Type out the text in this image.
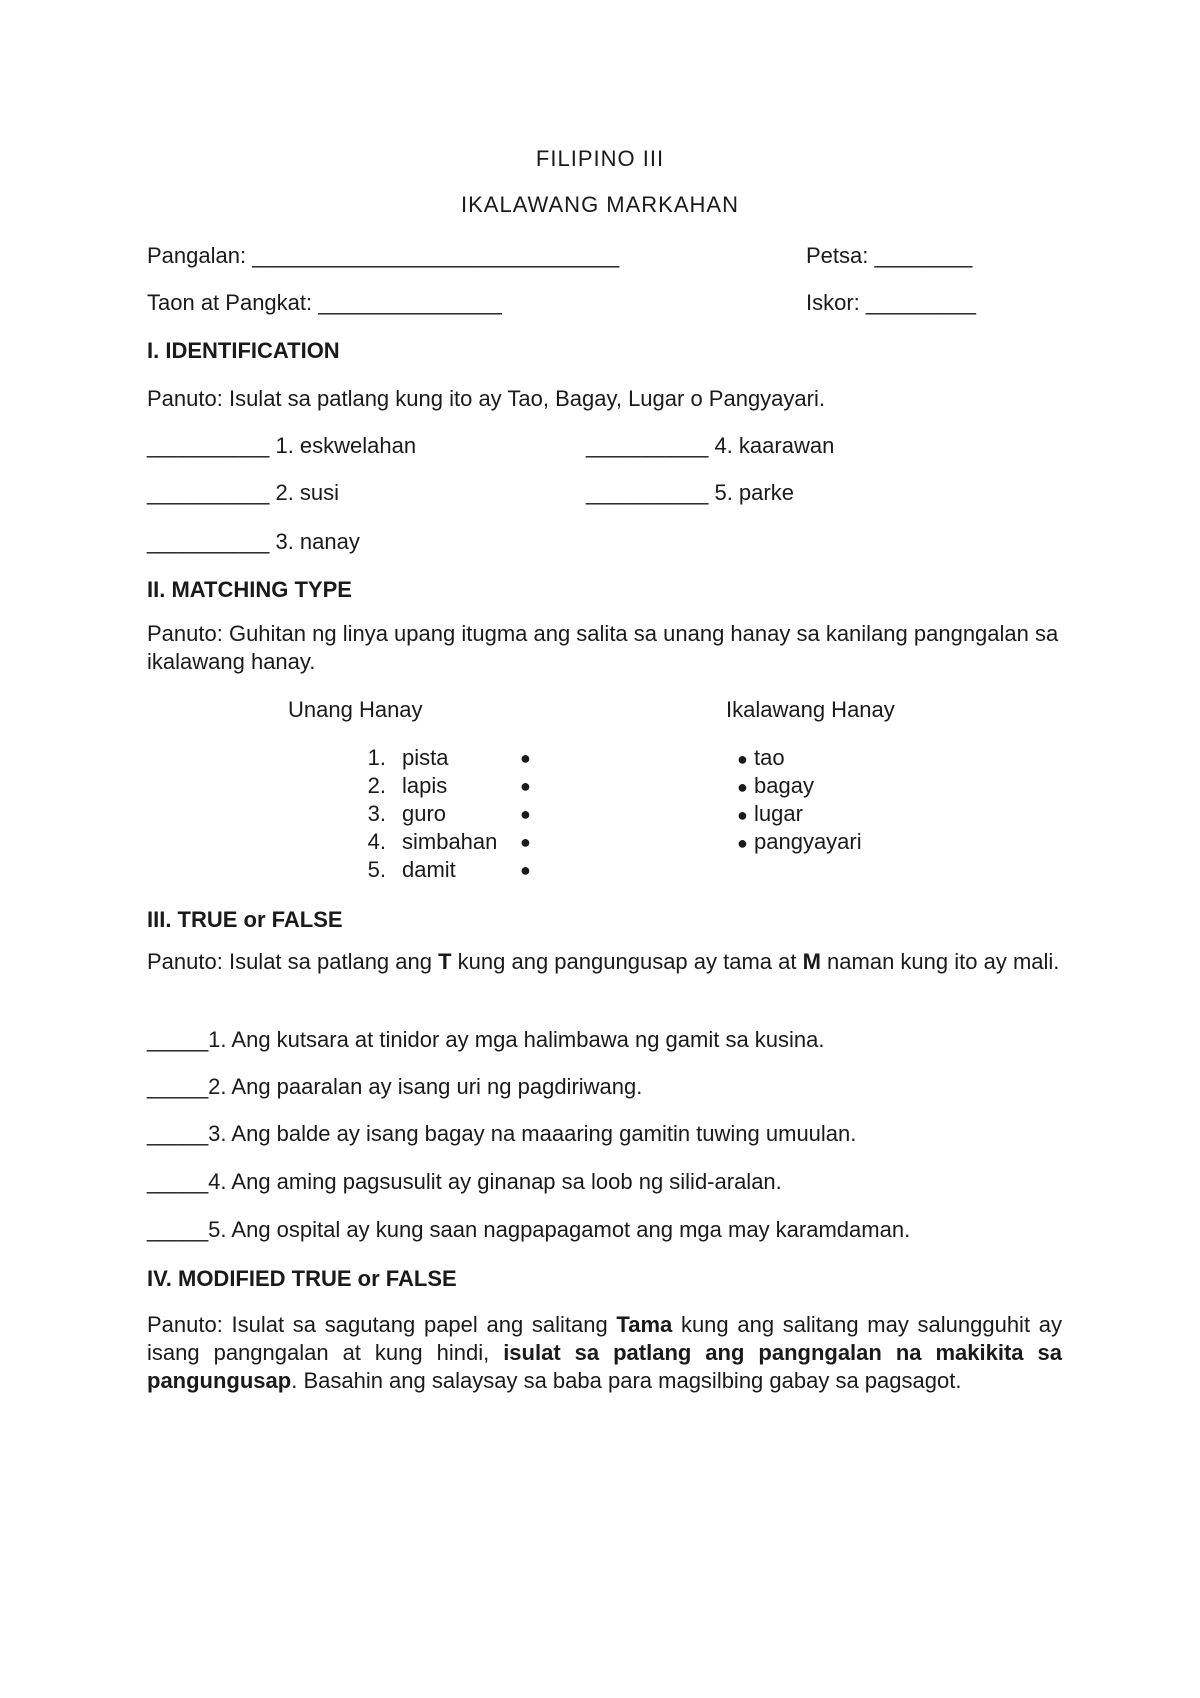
FILIPINO III
IKALAWANG MARKAHAN
Pangalan: ______________________________	Petsa: ________
Taon at Pangkat: _______________	Iskor: _________
I. IDENTIFICATION
Panuto: Isulat sa patlang kung ito ay Tao, Bagay, Lugar o Pangyayari.
__________ 1. eskwelahan
__________ 2. susi
__________ 3. nanay
__________ 4. kaarawan
__________ 5. parke
II. MATCHING TYPE
Panuto: Guhitan ng linya upang itugma ang salita sa unang hanay sa kanilang pangngalan sa ikalawang hanay.
Unang Hanay	Ikalawang Hanay
1. pista	●
2. lapis	●
3. guro	●
4. simbahan ●
5. damit	●
● tao
● bagay
● lugar
● pangyayari
III. TRUE or FALSE
Panuto: Isulat sa patlang ang T kung ang pangungusap ay tama at M naman kung ito ay mali.
_____1. Ang kutsara at tinidor ay mga halimbawa ng gamit sa kusina.
_____2. Ang paaralan ay isang uri ng pagdiriwang.
_____3. Ang balde ay isang bagay na maaaring gamitin tuwing umuulan.
_____4. Ang aming pagsusulit ay ginanap sa loob ng silid-aralan.
_____5. Ang ospital ay kung saan nagpapagamot ang mga may karamdaman.
IV. MODIFIED TRUE or FALSE
Panuto: Isulat sa sagutang papel ang salitang Tama kung ang salitang may salungguhit ay isang pangngalan at kung hindi, isulat sa patlang ang pangngalan na makikita sa pangungusap. Basahin ang salaysay sa baba para magsilbing gabay sa pagsagot.
